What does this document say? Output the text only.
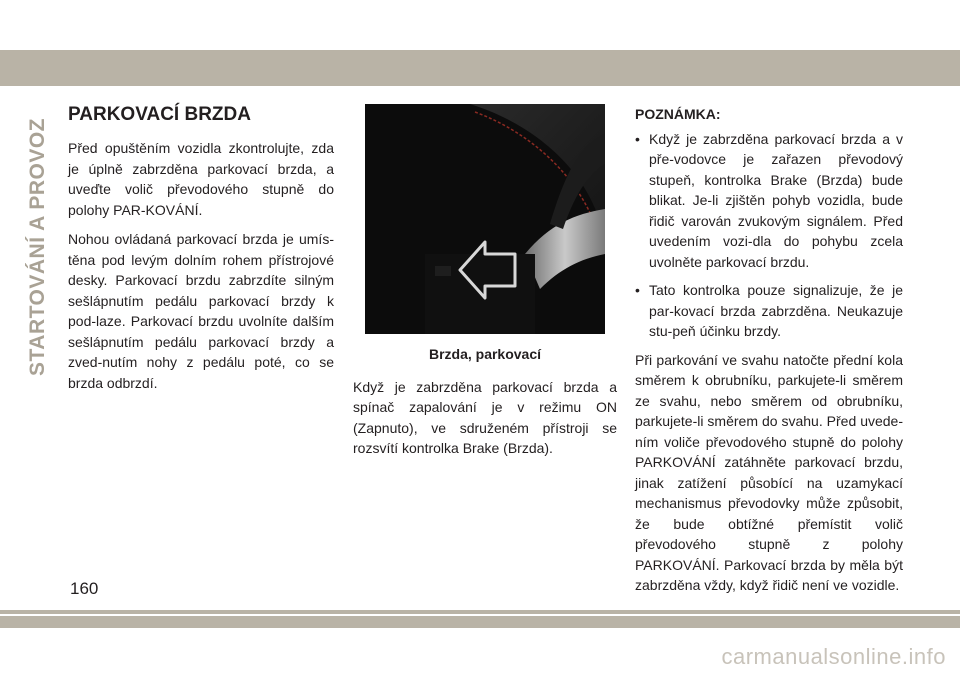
STARTOVÁNÍ A PROVOZ
PARKOVACÍ BRZDA

Před opuštěním vozidla zkontrolujte, zda je úplně zabrzděna parkovací brzda, a uveďte volič převodového stupně do polohy PAR-KOVÁNÍ.

Nohou ovládaná parkovací brzda je umís-těna pod levým dolním rohem přístrojové desky. Parkovací brzdu zabrzdíte silným sešlápnutím pedálu parkovací brzdy k pod-laze. Parkovací brzdu uvolníte dalším sešlápnutím pedálu parkovací brzdy a zved-nutím nohy z pedálu poté, co se brzda odbrzdí.

Brzda, parkovací

Když je zabrzděna parkovací brzda a spínač zapalování je v režimu ON (Zapnuto), ve sdruženém přístroji se rozsvítí kontrolka Brake (Brzda).

POZNÁMKA:
• Když je zabrzděna parkovací brzda a v pře-vodovce je zařazen převodový stupeň, kontrolka Brake (Brzda) bude blikat. Je-li zjištěn pohyb vozidla, bude řidič varován zvukovým signálem. Před uvedením vozi-dla do pohybu zcela uvolněte parkovací brzdu.
• Tato kontrolka pouze signalizuje, že je par-kovací brzda zabrzděna. Neukazuje stu-peň účinku brzdy.

Při parkování ve svahu natočte přední kola směrem k obrubníku, parkujete-li směrem ze svahu, nebo směrem od obrubníku, parkujete-li směrem do svahu. Před uvede-ním voliče převodového stupně do polohy PARKOVÁNÍ zatáhněte parkovací brzdu, jinak zatížení působící na uzamykací mechanismus převodovky může způsobit, že bude obtížné přemístit volič převodového stupně z polohy PARKOVÁNÍ. Parkovací brzda by měla být zabrzděna vždy, když řidič není ve vozidle.

160
carmanualsonline.info
